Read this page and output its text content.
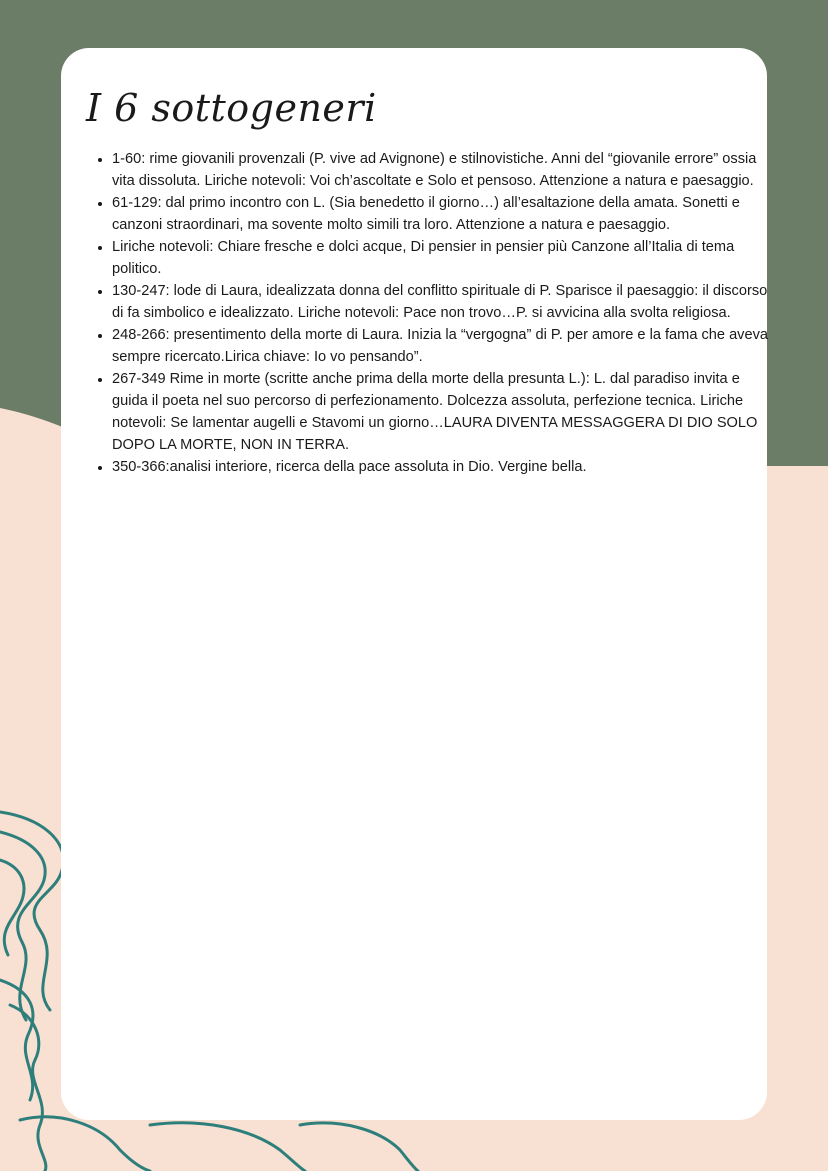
I 6 sottogeneri
• 1-60: rime giovanili provenzali (P. vive ad Avignone) e stilnovistiche. Anni del “giovanile errore” ossia vita dissoluta. Liriche notevoli: Voi ch’ascoltate e Solo et pensoso. Attenzione a natura e paesaggio.
• 61-129: dal primo incontro con L. (Sia benedetto il giorno…) all’esaltazione della amata. Sonetti e canzoni straordinari, ma sovente molto simili tra loro. Attenzione a natura e paesaggio.
• Liriche notevoli: Chiare fresche e dolci acque, Di pensier in pensier più Canzone all’Italia di tema politico.
• 130-247: lode di Laura, idealizzata donna del conflitto spirituale di P. Sparisce il paesaggio: il discorso di fa simbolico e idealizzato. Liriche notevoli: Pace non trovo…P. si avvicina alla svolta religiosa.
• 248-266: presentimento della morte di Laura. Inizia la “vergogna” di P. per amore e la fama che aveva sempre ricercato.Lirica chiave: Io vo pensando”.
• 267-349 Rime in morte (scritte anche prima della morte della presunta L.): L. dal paradiso invita e guida il poeta nel suo percorso di perfezionamento. Dolcezza assoluta, perfezione tecnica. Liriche notevoli: Se lamentar augelli e Stavomi un giorno…LAURA DIVENTA MESSAGGERA DI DIO SOLO DOPO LA MORTE, NON IN TERRA.
• 350-366:analisi interiore, ricerca della pace assoluta in Dio. Vergine bella.
